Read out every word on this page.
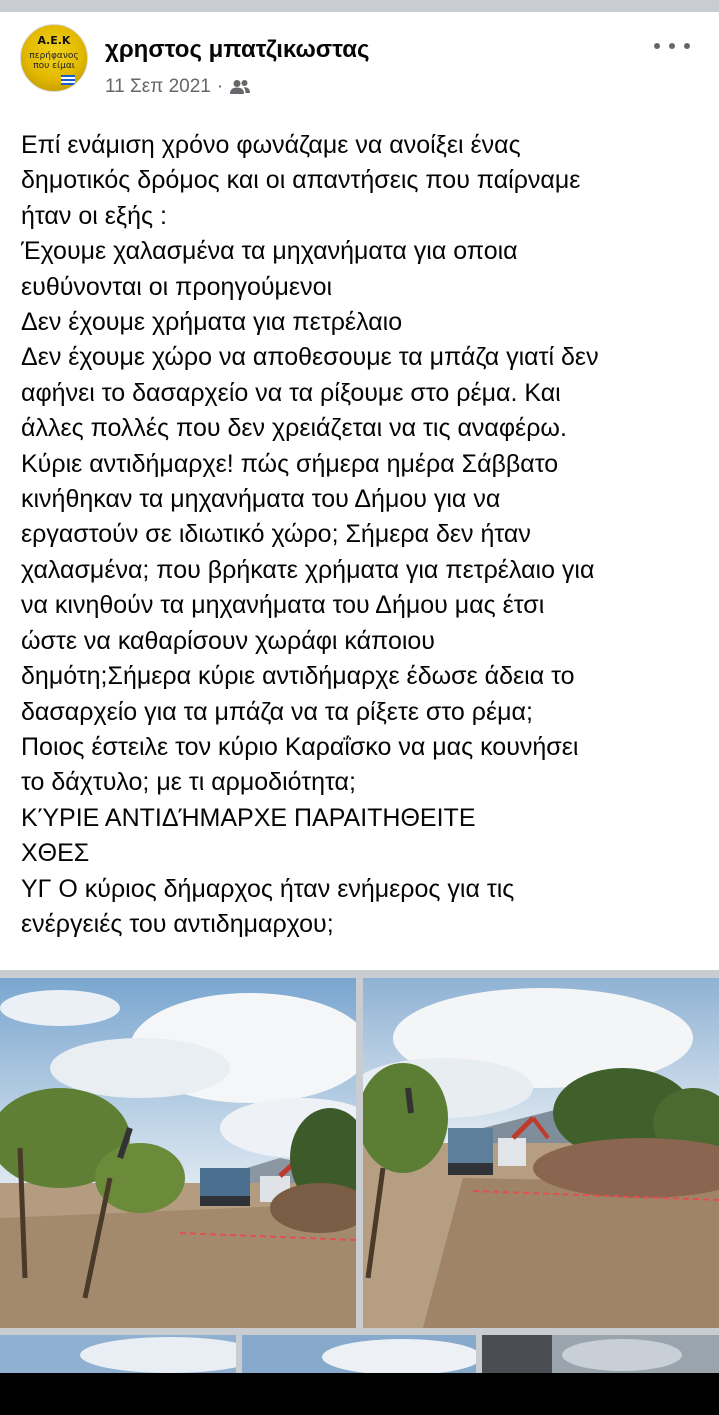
Α.Ε.Κ
περήφανος που είμαι
χρηστος μπατζικωστας
11 Σεπ 2021 ·
Επί ενάμιση χρόνο φωνάζαμε να ανοίξει ένας
δημοτικός δρόμος και οι απαντήσεις που παίρναμε
ήταν οι εξής :
Έχουμε χαλασμένα τα μηχανήματα για οποια
ευθύνονται οι προηγούμενοι
Δεν έχουμε χρήματα για πετρέλαιο
Δεν έχουμε χώρο να αποθεσουμε τα μπάζα γιατί δεν
αφήνει το δασαρχείο να τα ρίξουμε στο ρέμα. Και
άλλες πολλές που δεν χρειάζεται να τις αναφέρω.
Κύριε αντιδήμαρχε! πώς σήμερα ημέρα Σάββατο
κινήθηκαν τα μηχανήματα του Δήμου για να
εργαστούν σε ιδιωτικό χώρο; Σήμερα δεν ήταν
χαλασμένα; που βρήκατε χρήματα για πετρέλαιο για
να κινηθούν τα μηχανήματα του Δήμου μας έτσι
ώστε να καθαρίσουν χωράφι κάποιου
δημότη;Σήμερα κύριε αντιδήμαρχε έδωσε άδεια το
δασαρχείο για τα μπάζα να τα ρίξετε στο ρέμα;
Ποιος έστειλε τον κύριο Καραΐσκο να μας κουνήσει
το δάχτυλο; με τι αρμοδιότητα;
ΚΎΡΙΕ ΑΝΤΙΔΉΜΑΡΧΕ ΠΑΡΑΙΤΗΘΕΙΤΕ
ΧΘΕΣ
ΥΓ Ο κύριος δήμαρχος ήταν ενήμερος για τις
ενέργειές του αντιδημαρχου;
